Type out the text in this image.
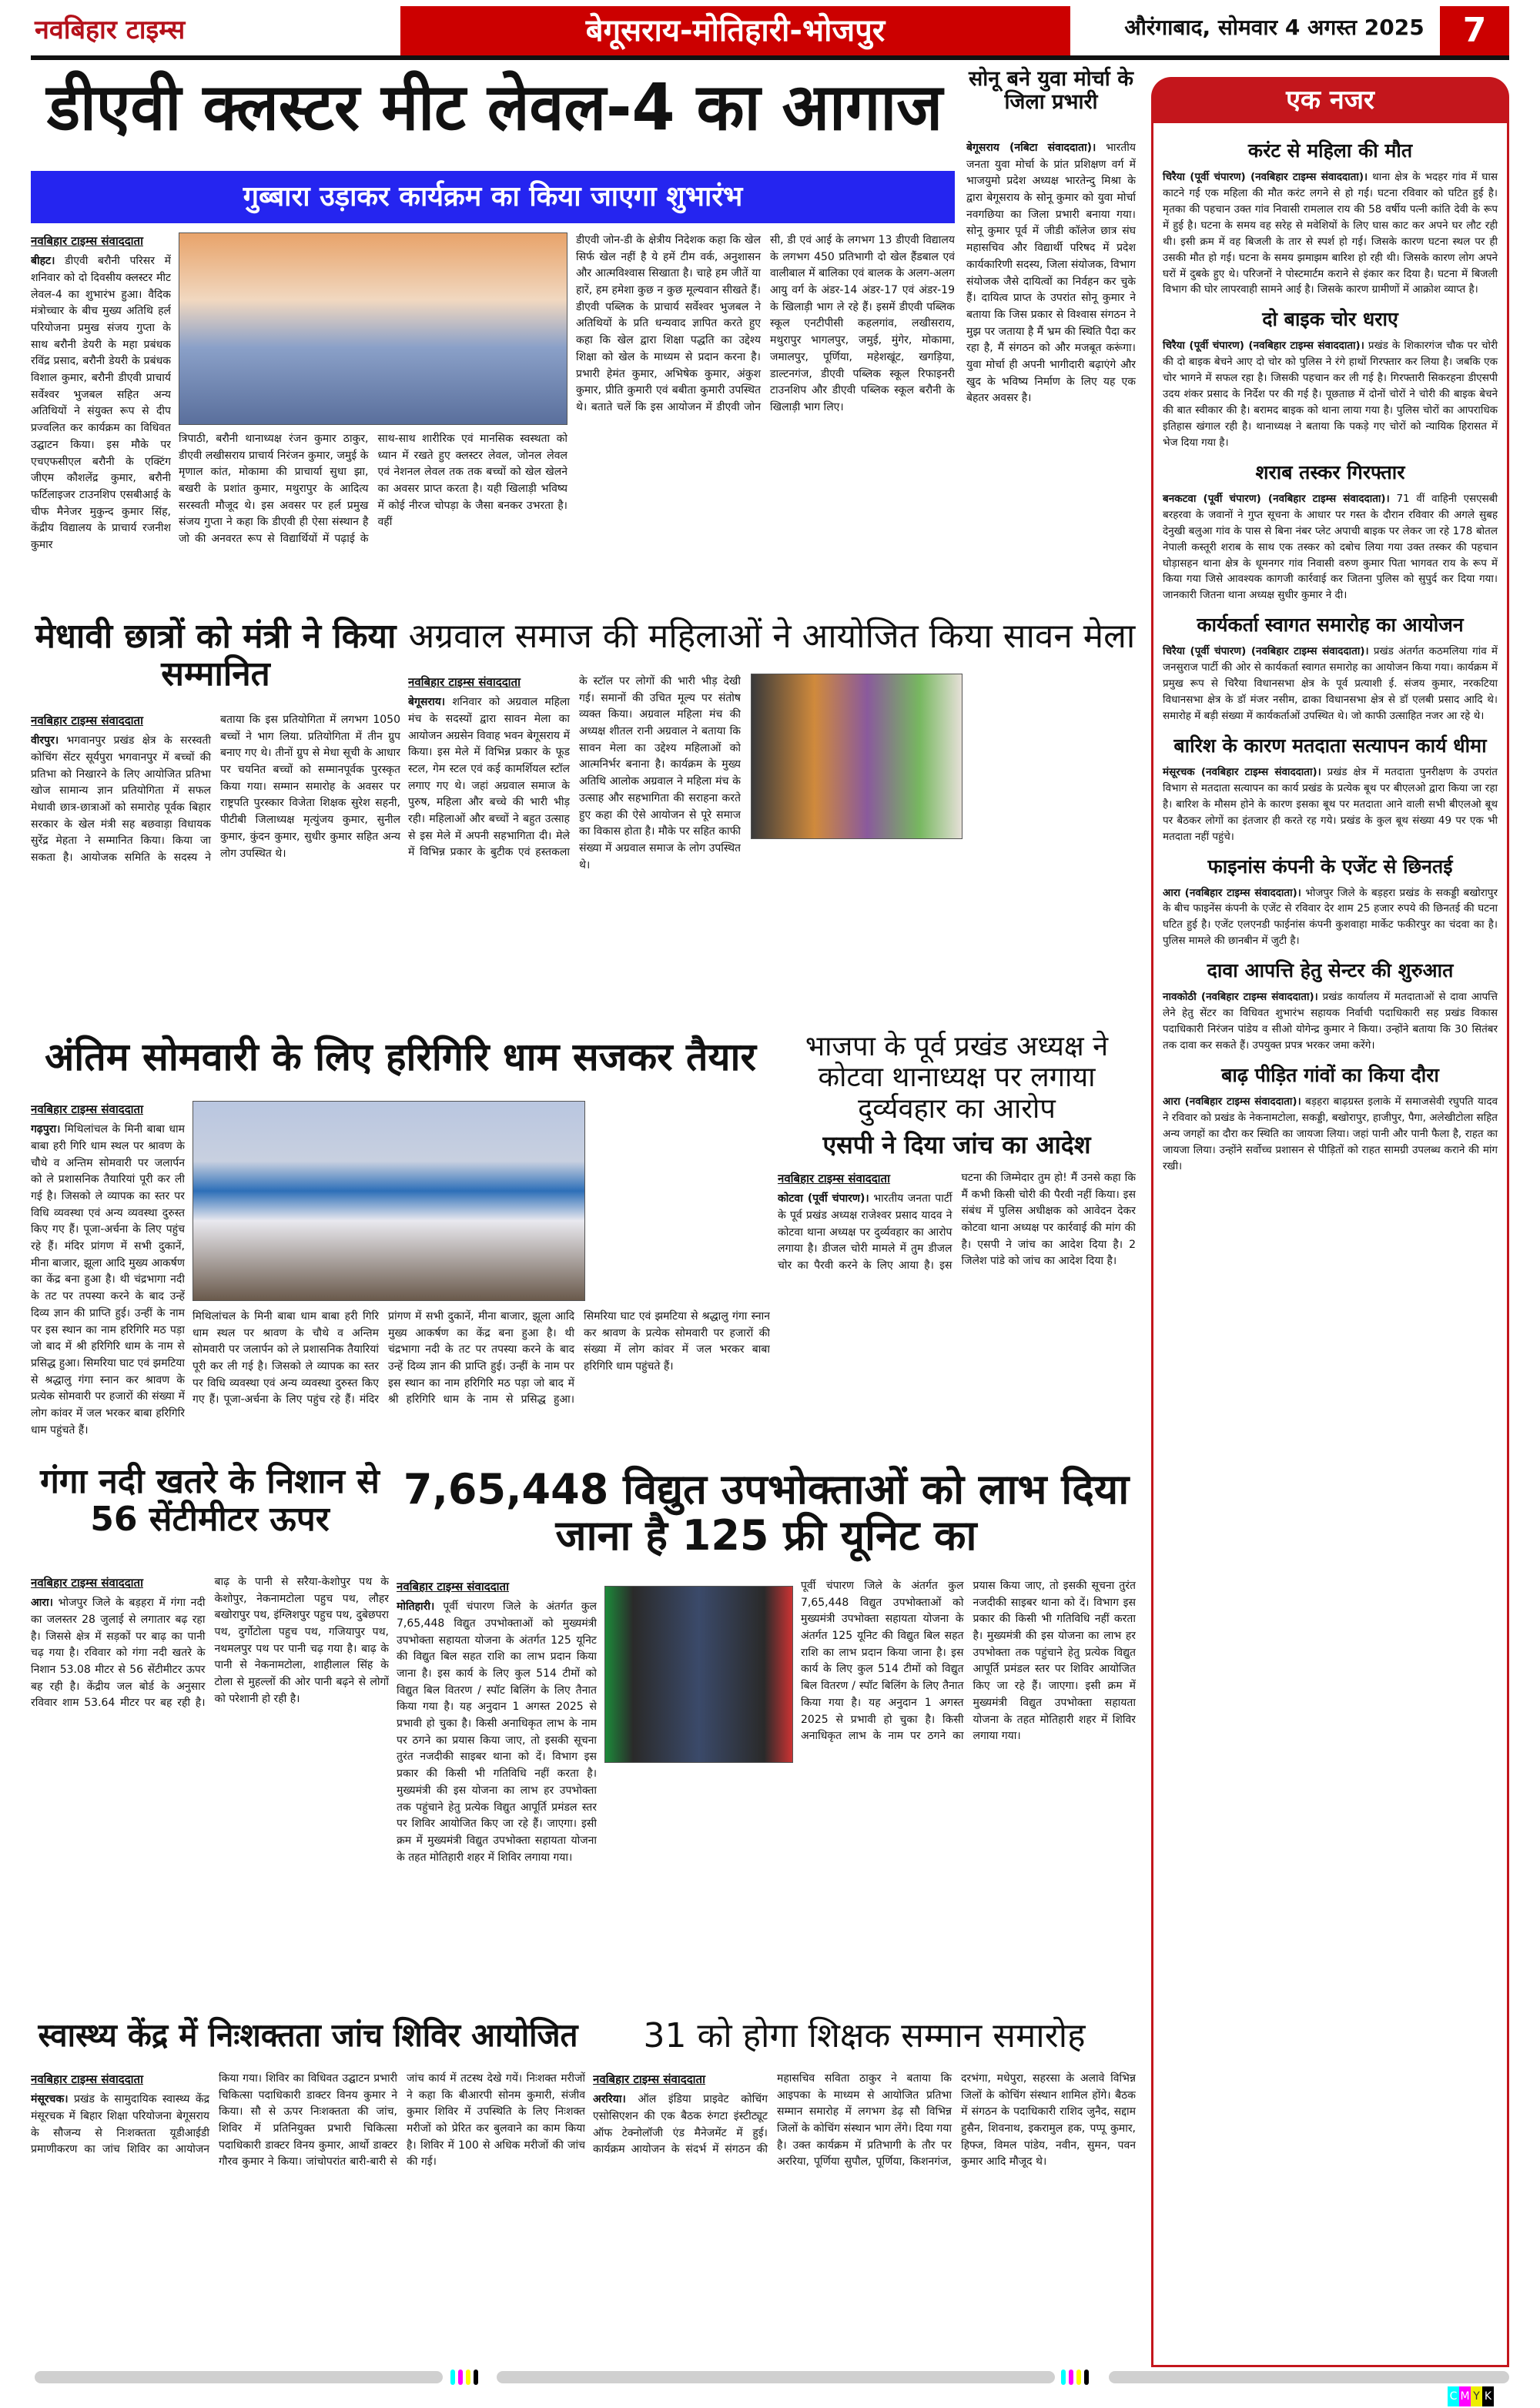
नवबिहार टाइम्स	बेगूसराय-मोतिहारी-भोजपुर	औरंगाबाद, सोमवार 4 अगस्त 2025	7
डीएवी क्लस्टर मीट लेवल-4 का आगाज
गुब्बारा उड़ाकर कार्यक्रम का किया जाएगा शुभारंभ
नवबिहार टाइम्स संवाददाता
बीहट। डीएवी बरौनी परिसर में शनिवार को दो दिवसीय क्लस्टर मीट लेवल-4 का शुभारंभ हुआ। वैदिक मंत्रोच्चार के बीच मुख्य अतिथि हर्ल परियोजना प्रमुख संजय गुप्ता के साथ बरौनी डेयरी के महा प्रबंधक रविंद्र प्रसाद, बरौनी डेयरी के प्रबंधक विशाल कुमार, बरौनी डीएवी प्राचार्य सर्वेश्वर भुजबल सहित अन्य अतिथियों ने संयुक्त रूप से दीप प्रज्वलित कर कार्यक्रम का विधिवत उद्घाटन किया। इस मौके पर एचएफसीएल बरौनी के एक्टिंग जीएम कौशलेंद्र कुमार, बरौनी फर्टिलाइजर टाउनशिप एसबीआई के चीफ मैनेजर मुकुन्द कुमार सिंह, केंद्रीय विद्यालय के प्राचार्य रजनीश कुमार
त्रिपाठी, बरौनी थानाध्यक्ष रंजन कुमार ठाकुर, डीएवी लखीसराय प्राचार्य निरंजन कुमार, जमुई के मृणाल कांत, मोकामा की प्राचार्या सुधा झा, बखरी के प्रशांत कुमार, मथुरापुर के आदित्य सरस्वती मौजूद थे। इस अवसर पर हर्ल प्रमुख संजय गुप्ता ने कहा कि डीएवी ही ऐसा संस्थान है जो की अनवरत रूप से विद्यार्थियों में पढ़ाई के साथ-साथ शारीरिक एवं मानसिक स्वस्थता को ध्यान में रखते हुए क्लस्टर लेवल, जोनल लेवल एवं नेशनल लेवल तक तक बच्चों को खेल खेलने का अवसर प्राप्त करता है। यही खिलाड़ी भविष्य में कोई नीरज चोपड़ा के जैसा बनकर उभरता है। वहीं
डीएवी जोन-डी के क्षेत्रीय निदेशक कहा कि खेल सिर्फ खेल नहीं है ये हमें टीम वर्क, अनुशासन और आत्मविश्वास सिखाता है। चाहे हम जीतें या हारें, हम हमेशा कुछ न कुछ मूल्यवान सीखते हैं। डीएवी पब्लिक के प्राचार्य सर्वेश्वर भुजबल ने अतिथियों के प्रति धन्यवाद ज्ञापित करते हुए कहा कि खेल द्वारा शिक्षा पद्धति का उद्देश्य शिक्षा को खेल के माध्यम से प्रदान करना है। प्रभारी हेमंत कुमार, अभिषेक कुमार, अंकुश कुमार, प्रीति कुमारी एवं बबीता कुमारी उपस्थित थे। बताते चलें कि इस आयोजन में डीएवी जोन सी, डी एवं आई के लगभग 13 डीएवी विद्यालय के लगभग 450 प्रतिभागी दो खेल हैंडबाल एवं वालीबाल में बालिका एवं बालक के अलग-अलग आयु वर्ग के अंडर-14 अंडर-17 एवं अंडर-19 के खिलाड़ी भाग ले रहे हैं। इसमें डीएवी पब्लिक स्कूल एनटीपीसी कहलगांव, लखीसराय, मथुरापुर भागलपुर, जमुई, मुंगेर, मोकामा, जमालपुर, पूर्णिया, महेशखूंट, खगड़िया, डाल्टनगंज, डीएवी पब्लिक स्कूल रिफाइनरी टाउनशिप और डीएवी पब्लिक स्कूल बरौनी के खिलाड़ी भाग लिए।
सोनू बने युवा मोर्चा के जिला प्रभारी
बेगूसराय (नबिटा संवाददाता)। भारतीय जनता युवा मोर्चा के प्रांत प्रशिक्षण वर्ग में भाजयुमो प्रदेश अध्यक्ष भारतेन्दु मिश्रा के द्वारा बेगूसराय के सोनू कुमार को युवा मोर्चा नवगछिया का जिला प्रभारी बनाया गया। सोनू कुमार पूर्व में जीडी कॉलेज छात्र संघ महासचिव और विद्यार्थी परिषद में प्रदेश कार्यकारिणी सदस्य, जिला संयोजक, विभाग संयोजक जैसे दायित्वों का निर्वहन कर चुके हैं। दायित्व प्राप्त के उपरांत सोनू कुमार ने बताया कि जिस प्रकार से विश्वास संगठन ने मुझ पर जताया है मैं भ्रम की स्थिति पैदा कर रहा है, मैं संगठन को और मजबूत करूंगा। युवा मोर्चा ही अपनी भागीदारी बढ़ाएंगे और खुद के भविष्य निर्माण के लिए यह एक बेहतर अवसर है।
मेधावी छात्रों को मंत्री ने किया सम्मानित
नवबिहार टाइम्स संवाददाता
वीरपुर। भगवानपुर प्रखंड क्षेत्र के सरस्वती कोचिंग सेंटर सूर्यपुरा भगवानपुर में बच्चों की प्रतिभा को निखारने के लिए आयोजित प्रतिभा खोज सामान्य ज्ञान प्रतियोगिता में सफल मेधावी छात्र-छात्राओं को समारोह पूर्वक बिहार सरकार के खेल मंत्री सह बछवाड़ा विधायक सुरेंद्र मेहता ने सम्मानित किया। किया जा सकता है। आयोजक समिति के सदस्य ने बताया कि इस प्रतियोगिता में लगभग 1050 बच्चों ने भाग लिया. प्रतियोगिता में तीन ग्रुप बनाए गए थे। तीनों ग्रुप से मेधा सूची के आधार पर चयनित बच्चों को सम्मानपूर्वक पुरस्कृत किया गया। सम्मान समारोह के अवसर पर राष्ट्रपति पुरस्कार विजेता शिक्षक सुरेश सहनी, पीटीबी जिलाध्यक्ष मृत्युंजय कुमार, सुनील कुमार, कुंदन कुमार, सुधीर कुमार सहित अन्य लोग उपस्थित थे।
अग्रवाल समाज की महिलाओं ने आयोजित किया सावन मेला
नवबिहार टाइम्स संवाददाता
बेगूसराय। शनिवार को अग्रवाल महिला मंच के सदस्यों द्वारा सावन मेला का आयोजन अग्रसेन विवाह भवन बेगूसराय में किया। इस मेले में विभिन्न प्रकार के फूड स्टल, गेम स्टल एवं कई कामर्शियल स्टॉल लगाए गए थे। जहां अग्रवाल समाज के पुरुष, महिला और बच्चे की भारी भीड़ रही। महिलाओं और बच्चों ने बहुत उत्साह से इस मेले में अपनी सहभागिता दी। मेले में विभिन्न प्रकार के बुटीक एवं हस्तकला के स्टॉल पर लोगों की भारी भीड़ देखी गई। समानों की उचित मूल्य पर संतोष व्यक्त किया। अग्रवाल महिला मंच की अध्यक्ष शीतल रानी अग्रवाल ने बताया कि सावन मेला का उद्देश्य महिलाओं को आत्मनिर्भर बनाना है। कार्यक्रम के मुख्य अतिथि आलोक अग्रवाल ने महिला मंच के उत्साह और सहभागिता की सराहना करते हुए कहा की ऐसे आयोजन से पूरे समाज का विकास होता है। मौके पर सहित काफी संख्या में अग्रवाल समाज के लोग उपस्थित थे।
अंतिम सोमवारी के लिए हरिगिरि धाम सजकर तैयार
नवबिहार टाइम्स संवाददाता
गढ़पुरा। मिथिलांचल के मिनी बाबा धाम बाबा हरी गिरि धाम स्थल पर श्रावण के चौथे व अन्तिम सोमवारी पर जलार्पन को ले प्रशासनिक तैयारियां पूरी कर ली गई है। जिसको ले व्यापक का स्तर पर विधि व्यवस्था एवं अन्य व्यवस्था दुरुस्त किए गए हैं। पूजा-अर्चना के लिए पहुंच रहे हैं। मंदिर प्रांगण में सभी दुकानें, मीना बाजार, झूला आदि मुख्य आकर्षण का केंद्र बना हुआ है। थी चंद्रभागा नदी के तट पर तपस्या करने के बाद उन्हें दिव्य ज्ञान की प्राप्ति हुई। उन्हीं के नाम पर इस स्थान का नाम हरिगिरि मठ पड़ा जो बाद में श्री हरिगिरि धाम के नाम से प्रसिद्ध हुआ। सिमरिया घाट एवं झमटिया से श्रद्धालु गंगा स्नान कर श्रावण के प्रत्येक सोमवारी पर हजारों की संख्या में लोग कांवर में जल भरकर बाबा हरिगिरि धाम पहुंचते हैं।
मिथिलांचल के मिनी बाबा धाम बाबा हरी गिरि धाम स्थल पर श्रावण के चौथे व अन्तिम सोमवारी पर जलार्पन को ले प्रशासनिक तैयारियां पूरी कर ली गई है। जिसको ले व्यापक का स्तर पर विधि व्यवस्था एवं अन्य व्यवस्था दुरुस्त किए गए हैं। पूजा-अर्चना के लिए पहुंच रहे हैं। मंदिर प्रांगण में सभी दुकानें, मीना बाजार, झूला आदि मुख्य आकर्षण का केंद्र बना हुआ है। थी चंद्रभागा नदी के तट पर तपस्या करने के बाद उन्हें दिव्य ज्ञान की प्राप्ति हुई। उन्हीं के नाम पर इस स्थान का नाम हरिगिरि मठ पड़ा जो बाद में श्री हरिगिरि धाम के नाम से प्रसिद्ध हुआ। सिमरिया घाट एवं झमटिया से श्रद्धालु गंगा स्नान कर श्रावण के प्रत्येक सोमवारी पर हजारों की संख्या में लोग कांवर में जल भरकर बाबा हरिगिरि धाम पहुंचते हैं।
भाजपा के पूर्व प्रखंड अध्यक्ष ने कोटवा थानाध्यक्ष पर लगाया दुर्व्यवहार का आरोप
एसपी ने दिया जांच का आदेश
नवबिहार टाइम्स संवाददाता
कोटवा (पूर्वी चंपारण)। भारतीय जनता पार्टी के पूर्व प्रखंड अध्यक्ष राजेश्वर प्रसाद यादव ने कोटवा थाना अध्यक्ष पर दुर्व्यवहार का आरोप लगाया है। डीजल चोरी मामले में तुम डीजल चोर का पैरवी करने के लिए आया है। इस घटना की जिम्मेदार तुम हो! मैं उनसे कहा कि मैं कभी किसी चोरी की पैरवी नहीं किया। इस संबंध में पुलिस अधीक्षक को आवेदन देकर कोटवा थाना अध्यक्ष पर कार्रवाई की मांग की है। एसपी ने जांच का आदेश दिया है। 2 जिलेश पांडे को जांच का आदेश दिया है।
गंगा नदी खतरे के निशान से 56 सेंटीमीटर ऊपर
नवबिहार टाइम्स संवाददाता
आरा। भोजपुर जिले के बड़हरा में गंगा नदी का जलस्तर 28 जुलाई से लगातार बढ़ रहा है। जिससे क्षेत्र में सड़कों पर बाढ़ का पानी चढ़ गया है। रविवार को गंगा नदी खतरे के निशान 53.08 मीटर से 56 सेंटीमीटर ऊपर बह रही है। केंद्रीय जल बोर्ड के अनुसार रविवार शाम 53.64 मीटर पर बह रही है। बाढ़ के पानी से सरैया-केशोपुर पथ के केशोपुर, नेकनामटोला पहुच पथ, लौहर बखोरापुर पथ, इंग्लिशपुर पहुच पथ, दुबेछपरा पथ, दुर्गोटोला पहुच पथ, गजियापुर पथ, नथमलपुर पथ पर पानी चढ़ गया है। बाढ़ के पानी से नेकनामटोला, शाहीलाल सिंह के टोला से मुहल्लों की ओर पानी बढ़ने से लोगों को परेशानी हो रही है।
7,65,448 विद्युत उपभोक्ताओं को लाभ दिया जाना है 125 फ्री यूनिट का
नवबिहार टाइम्स संवाददाता
मोतिहारी। पूर्वी चंपारण जिले के अंतर्गत कुल 7,65,448 विद्युत उपभोक्ताओं को मुख्यमंत्री उपभोक्ता सहायता योजना के अंतर्गत 125 यूनिट की विद्युत बिल सहत राशि का लाभ प्रदान किया जाना है। इस कार्य के लिए कुल 514 टीमों को विद्युत बिल वितरण / स्पॉट बिलिंग के लिए तैनात किया गया है। यह अनुदान 1 अगस्त 2025 से प्रभावी हो चुका है। किसी अनाधिकृत लाभ के नाम पर ठगने का प्रयास किया जाए, तो इसकी सूचना तुरंत नजदीकी साइबर थाना को दें। विभाग इस प्रकार की किसी भी गतिविधि नहीं करता है। मुख्यमंत्री की इस योजना का लाभ हर उपभोक्ता तक पहुंचाने हेतु प्रत्येक विद्युत आपूर्ति प्रमंडल स्तर पर शिविर आयोजित किए जा रहे हैं। जाएगा। इसी क्रम में मुख्यमंत्री विद्युत उपभोक्ता सहायता योजना के तहत मोतिहारी शहर में शिविर लगाया गया।
पूर्वी चंपारण जिले के अंतर्गत कुल 7,65,448 विद्युत उपभोक्ताओं को मुख्यमंत्री उपभोक्ता सहायता योजना के अंतर्गत 125 यूनिट की विद्युत बिल सहत राशि का लाभ प्रदान किया जाना है। इस कार्य के लिए कुल 514 टीमों को विद्युत बिल वितरण / स्पॉट बिलिंग के लिए तैनात किया गया है। यह अनुदान 1 अगस्त 2025 से प्रभावी हो चुका है। किसी अनाधिकृत लाभ के नाम पर ठगने का प्रयास किया जाए, तो इसकी सूचना तुरंत नजदीकी साइबर थाना को दें। विभाग इस प्रकार की किसी भी गतिविधि नहीं करता है। मुख्यमंत्री की इस योजना का लाभ हर उपभोक्ता तक पहुंचाने हेतु प्रत्येक विद्युत आपूर्ति प्रमंडल स्तर पर शिविर आयोजित किए जा रहे हैं। जाएगा। इसी क्रम में मुख्यमंत्री विद्युत उपभोक्ता सहायता योजना के तहत मोतिहारी शहर में शिविर लगाया गया।
स्वास्थ्य केंद्र में निःशक्तता जांच शिविर आयोजित
नवबिहार टाइम्स संवाददाता
मंसूरचक। प्रखंड के सामुदायिक स्वास्थ्य केंद्र मंसूरचक में बिहार शिक्षा परियोजना बेगूसराय के सौजन्य से निःशक्तता यूडीआईडी प्रमाणीकरण का जांच शिविर का आयोजन किया गया। शिविर का विधिवत उद्घाटन प्रभारी चिकित्सा पदाधिकारी डाक्टर विनय कुमार ने किया। सौ से ऊपर निःशक्तता की जांच, शिविर में प्रतिनियुक्त प्रभारी चिकित्सा पदाधिकारी डाक्टर विनय कुमार, आर्थो डाक्टर गौरव कुमार ने किया। जांचोपरांत बारी-बारी से जांच कार्य में तटस्थ देखे गयें। निःशक्त मरीजों ने कहा कि बीआरपी सोनम कुमारी, संजीव कुमार शिविर में उपस्थिति के लिए निःशक्त मरीजों को प्रेरित कर बुलवाने का काम किया है। शिविर में 100 से अधिक मरीजों की जांच की गई।
31 को होगा शिक्षक सम्मान समारोह
नवबिहार टाइम्स संवाददाता
अररिया। ऑल इंडिया प्राइवेट कोचिंग एसोसिएशन की एक बैठक रुंगटा इंस्टीट्यूट ऑफ टेक्नोलॉजी एंड मैनेजमेंट में हुई। कार्यक्रम आयोजन के संदर्भ में संगठन की महासचिव सविता ठाकुर ने बताया कि आइपका के माध्यम से आयोजित प्रतिभा सम्मान समारोह में लगभग डेढ़ सौ विभिन्न जिलों के कोचिंग संस्थान भाग लेंगे। दिया गया है। उक्त कार्यक्रम में प्रतिभागी के तौर पर अररिया, पूर्णिया सुपौल, पूर्णिया, किशनगंज, दरभंगा, मधेपुरा, सहरसा के अलावे विभिन्न जिलों के कोचिंग संस्थान शामिल होंगे। बैठक में संगठन के पदाधिकारी राशिद जुनैद, सद्दाम हुसैन, शिवनाथ, इकरामुल हक, पप्पू कुमार, हिफ्ज, विमल पांडेय, नवीन, सुमन, पवन कुमार आदि मौजूद थे।
एक नजर
करंट से महिला की मौत

चिरैया (पूर्वी चंपारण) (नवबिहार टाइम्स संवाददाता)। थाना क्षेत्र के भदहर गांव में घास काटने गई एक महिला की मौत करंट लगने से हो गई। घटना रविवार को घटित हुई है। मृतका की पहचान उक्त गांव निवासी रामलाल राय की 58 वर्षीय पत्नी कांति देवी के रूप में हुई है। घटना के समय वह सरेह से मवेशियों के लिए घास काट कर अपने घर लौट रही थी। इसी क्रम में वह बिजली के तार से स्पर्श हो गई। जिसके कारण घटना स्थल पर ही उसकी मौत हो गई। घटना के समय झमाझम बारिश हो रही थी। जिसके कारण लोग अपने घरों में दुबके हुए थे। परिजनों ने पोस्टमार्टम कराने से इंकार कर दिया है। घटना में बिजली विभाग की घोर लापरवाही सामने आई है। जिसके कारण ग्रामीणों में आक्रोश व्याप्त है।

दो बाइक चोर धराए

चिरैया (पूर्वी चंपारण) (नवबिहार टाइम्स संवाददाता)। प्रखंड के शिकारगंज चौक पर चोरी की दो बाइक बेचने आए दो चोर को पुलिस ने रंगे हाथों गिरफ्तार कर लिया है। जबकि एक चोर भागने में सफल रहा है। जिसकी पहचान कर ली गई है। गिरफ्तारी सिकरहना डीएसपी उदय शंकर प्रसाद के निर्देश पर की गई है। पूछताछ में दोनों चोरों ने चोरी की बाइक बेचने की बात स्वीकार की है। बरामद बाइक को थाना लाया गया है। पुलिस चोरों का आपराधिक इतिहास खंगाल रही है। थानाध्यक्ष ने बताया कि पकड़े गए चोरों को न्यायिक हिरासत में भेज दिया गया है।

शराब तस्कर गिरफ्तार

बनकटवा (पूर्वी चंपारण) (नवबिहार टाइम्स संवाददाता)। 71 वीं वाहिनी एसएसबी बरहरवा के जवानों ने गुप्त सूचना के आधार पर गस्त के दौरान रविवार की अगले सुबह देनुखी बलुआ गांव के पास से बिना नंबर प्लेट अपाची बाइक पर लेकर जा रहे 178 बोतल नेपाली कस्तूरी शराब के साथ एक तस्कर को दबोच लिया गया उक्त तस्कर की पहचान घोड़ासहन थाना क्षेत्र के धूमनगर गांव निवासी वरुण कुमार पिता भागवत राय के रूप में किया गया जिसे आवश्यक कागजी कार्रवाई कर जितना पुलिस को सुपुर्द कर दिया गया। जानकारी जितना थाना अध्यक्ष सुधीर कुमार ने दी।

कार्यकर्ता स्वागत समारोह का आयोजन

चिरैया (पूर्वी चंपारण) (नवबिहार टाइम्स संवाददाता)। प्रखंड अंतर्गत कठमलिया गांव में जनसुराज पार्टी की ओर से कार्यकर्ता स्वागत समारोह का आयोजन किया गया। कार्यक्रम में प्रमुख रूप से चिरैया विधानसभा क्षेत्र के पूर्व प्रत्याशी ई. संजय कुमार, नरकटिया विधानसभा क्षेत्र के डॉ मंजर नसीम, ढाका विधानसभा क्षेत्र से डॉ एलबी प्रसाद आदि थे। समारोह में बड़ी संख्या में कार्यकर्ताओं उपस्थित थे। जो काफी उत्साहित नजर आ रहे थे।

बारिश के कारण मतदाता सत्यापन कार्य धीमा

मंसूरचक (नवबिहार टाइम्स संवाददाता)। प्रखंड क्षेत्र में मतदाता पुनरीक्षण के उपरांत विभाग से मतदाता सत्यापन का कार्य प्रखंड के प्रत्येक बूथ पर बीएलओ द्वारा किया जा रहा है। बारिश के मौसम होने के कारण इसका बूथ पर मतदाता आने वाली सभी बीएलओ बूथ पर बैठकर लोगों का इंतजार ही करते रह गये। प्रखंड के कुल बूथ संख्या 49 पर एक भी मतदाता नहीं पहुंचे।

फाइनांस कंपनी के एजेंट से छिनतई

आरा (नवबिहार टाइम्स संवाददाता)। भोजपुर जिले के बड़हरा प्रखंड के सकड्डी बखोरापुर के बीच फाइनेंस कंपनी के एजेंट से रविवार देर शाम 25 हजार रुपये की छिनतई की घटना घटित हुई है। एजेंट एलएनडी फाईनांस कंपनी कुशवाहा मार्केट फकीरपुर का चंदवा का है। पुलिस मामले की छानबीन में जुटी है।

दावा आपत्ति हेतु सेन्टर की शुरुआत

नावकोठी (नवबिहार टाइम्स संवाददाता)। प्रखंड कार्यालय में मतदाताओं से दावा आपत्ति लेने हेतु सेंटर का विधिवत शुभारंभ सहायक निर्वाची पदाधिकारी सह प्रखंड विकास पदाधिकारी निरंजन पांडेय व सीओ योगेन्द्र कुमार ने किया। उन्होंने बताया कि 30 सितंबर तक दावा कर सकते हैं। उपयुक्त प्रपत्र भरकर जमा करेंगे।

बाढ़ पीड़ित गांवों का किया दौरा

आरा (नवबिहार टाइम्स संवाददाता)। बड़हरा बाढ़ग्रस्त इलाके में समाजसेवी रघुपति यादव ने रविवार को प्रखंड के नेकनामटोला, सकड्डी, बखोरापुर, हाजीपुर, पैगा, अलेखीटोला सहित अन्य जगहों का दौरा कर स्थिति का जायजा लिया। जहां पानी और पानी फैला है, राहत का जायजा लिया। उन्होंने सर्वोच्च प्रशासन से पीड़ितों को राहत सामग्री उपलब्ध कराने की मांग रखी।

C M Y K
